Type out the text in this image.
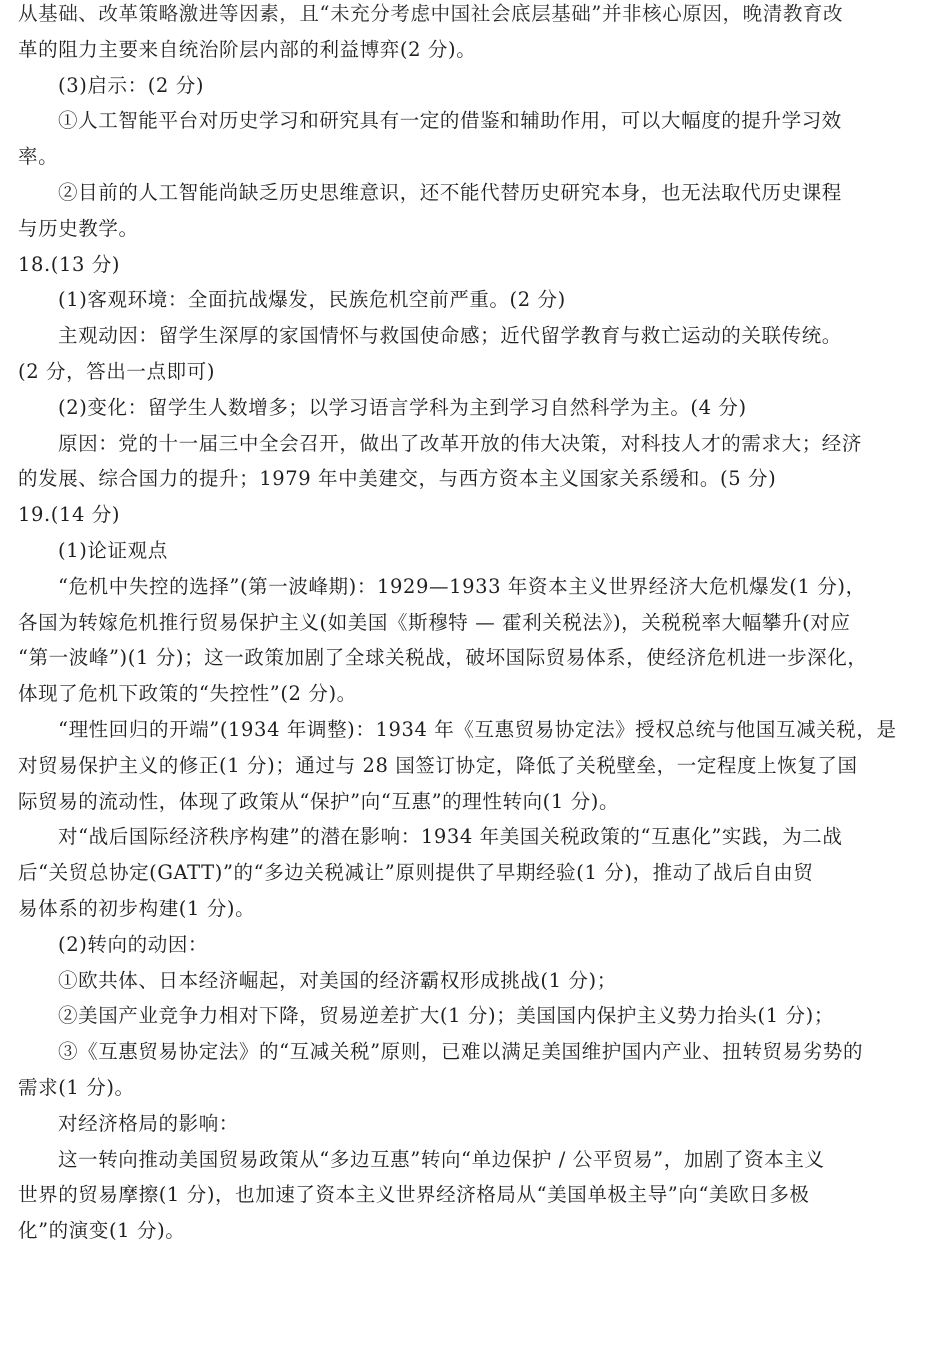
从基础、改革策略激进等因素，且“未充分考虑中国社会底层基础”并非核心原因，晚清教育改
革的阻力主要来自统治阶层内部的利益博弈(2 分)。
(3)启示：(2 分)
①人工智能平台对历史学习和研究具有一定的借鉴和辅助作用，可以大幅度的提升学习效
率。
②目前的人工智能尚缺乏历史思维意识，还不能代替历史研究本身，也无法取代历史课程
与历史教学。
18.(13 分)
(1)客观环境：全面抗战爆发，民族危机空前严重。(2 分)
主观动因：留学生深厚的家国情怀与救国使命感；近代留学教育与救亡运动的关联传统。
(2 分，答出一点即可)
(2)变化：留学生人数增多；以学习语言学科为主到学习自然科学为主。(4 分)
原因：党的十一届三中全会召开，做出了改革开放的伟大决策，对科技人才的需求大；经济
的发展、综合国力的提升；1979 年中美建交，与西方资本主义国家关系缓和。(5 分)
19.(14 分)
(1)论证观点
“危机中失控的选择”(第一波峰期)：1929—1933 年资本主义世界经济大危机爆发(1 分)，
各国为转嫁危机推行贸易保护主义(如美国《斯穆特 — 霍利关税法》)，关税税率大幅攀升(对应
“第一波峰”)(1 分)；这一政策加剧了全球关税战，破坏国际贸易体系，使经济危机进一步深化，
体现了危机下政策的“失控性”(2 分)。
“理性回归的开端”(1934 年调整)：1934 年《互惠贸易协定法》授权总统与他国互减关税，是
对贸易保护主义的修正(1 分)；通过与 28 国签订协定，降低了关税壁垒，一定程度上恢复了国
际贸易的流动性，体现了政策从“保护”向“互惠”的理性转向(1 分)。
对“战后国际经济秩序构建”的潜在影响：1934 年美国关税政策的“互惠化”实践，为二战
后“关贸总协定(GATT)”的“多边关税减让”原则提供了早期经验(1 分)，推动了战后自由贸
易体系的初步构建(1 分)。
(2)转向的动因：
①欧共体、日本经济崛起，对美国的经济霸权形成挑战(1 分)；
②美国产业竞争力相对下降，贸易逆差扩大(1 分)；美国国内保护主义势力抬头(1 分)；
③《互惠贸易协定法》的“互减关税”原则，已难以满足美国维护国内产业、扭转贸易劣势的
需求(1 分)。
对经济格局的影响：
这一转向推动美国贸易政策从“多边互惠”转向“单边保护 / 公平贸易”，加剧了资本主义
世界的贸易摩擦(1 分)，也加速了资本主义世界经济格局从“美国单极主导”向“美欧日多极
化”的演变(1 分)。
